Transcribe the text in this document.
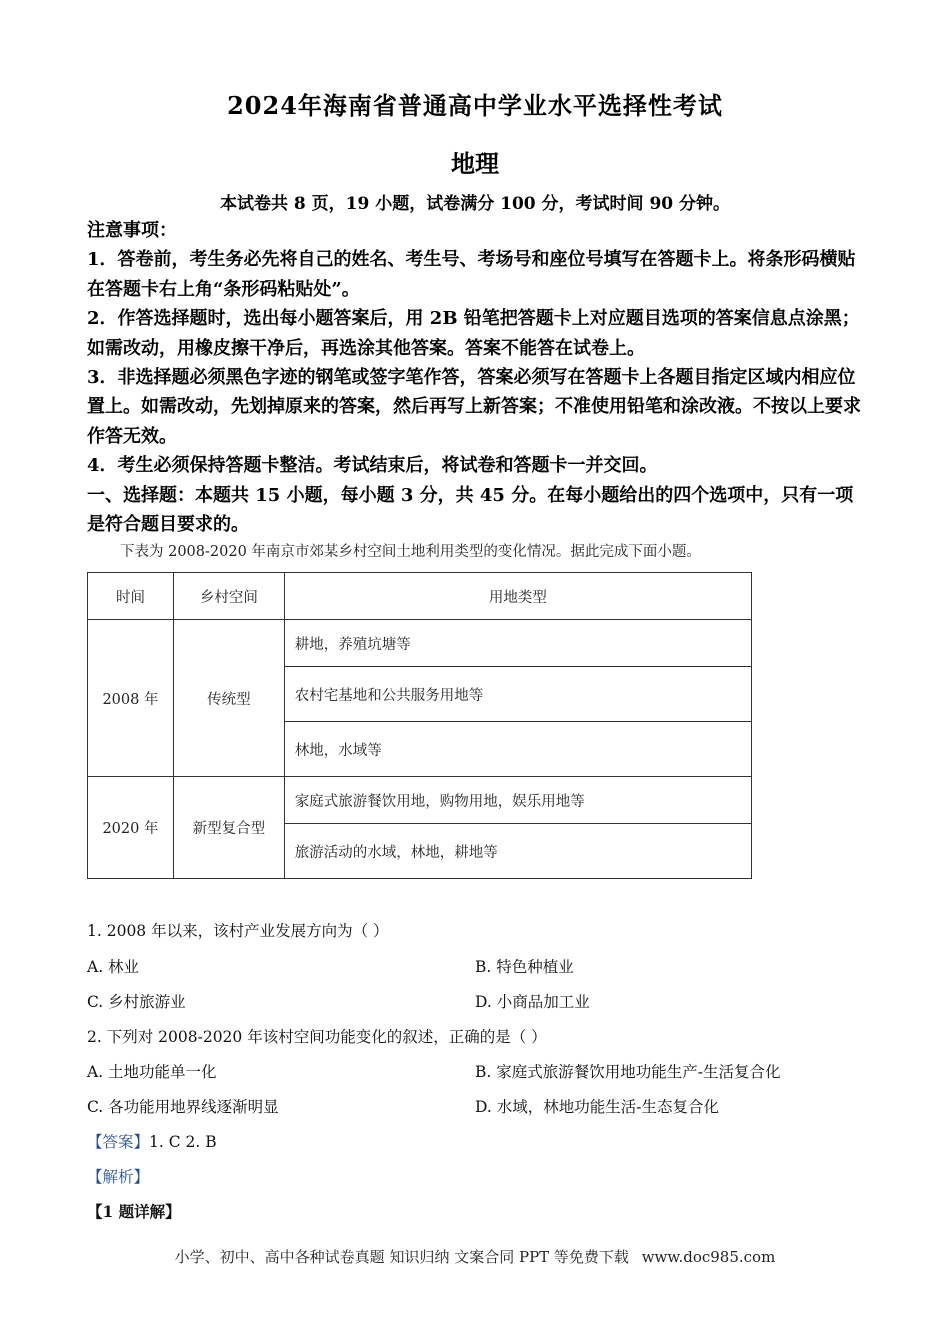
2024年海南省普通高中学业水平选择性考试
地理
本试卷共 8 页，19 小题，试卷满分 100 分，考试时间 90 分钟。

注意事项：

1．答卷前，考生务必先将自己的姓名、考生号、考场号和座位号填写在答题卡上。将条形码横贴在答题卡右上角“条形码粘贴处”。

2．作答选择题时，选出每小题答案后，用 2B 铅笔把答题卡上对应题目选项的答案信息点涂黑；如需改动，用橡皮擦干净后，再选涂其他答案。答案不能答在试卷上。

3．非选择题必须黑色字迹的钢笔或签字笔作答，答案必须写在答题卡上各题目指定区域内相应位置上。如需改动，先划掉原来的答案，然后再写上新答案；不准使用铅笔和涂改液。不按以上要求作答无效。

4．考生必须保持答题卡整洁。考试结束后，将试卷和答题卡一并交回。

一、选择题：本题共 15 小题，每小题 3 分，共 45 分。在每小题给出的四个选项中，只有一项是符合题目要求的。

下表为 2008-2020 年南京市郊某乡村空间土地利用类型的变化情况。据此完成下面小题。
时间	乡村空间	用地类型
2008 年	传统型	耕地，养殖坑塘等
		农村宅基地和公共服务用地等
		林地，水域等
2020 年	新型复合型	家庭式旅游餐饮用地，购物用地，娱乐用地等
		旅游活动的水域，林地，耕地等
1. 2008 年以来，该村产业发展方向为（ ）
A. 林业	B. 特色种植业
C. 乡村旅游业	D. 小商品加工业
2. 下列对 2008-2020 年该村空间功能变化的叙述，正确的是（ ）
A. 土地功能单一化	B. 家庭式旅游餐饮用地功能生产-生活复合化
C. 各功能用地界线逐渐明显	D. 水域，林地功能生活-生态复合化
【答案】1. C 2. B
【解析】
【1 题详解】
小学、初中、高中各种试卷真题 知识归纳 文案合同 PPT 等免费下载 www.doc985.com
